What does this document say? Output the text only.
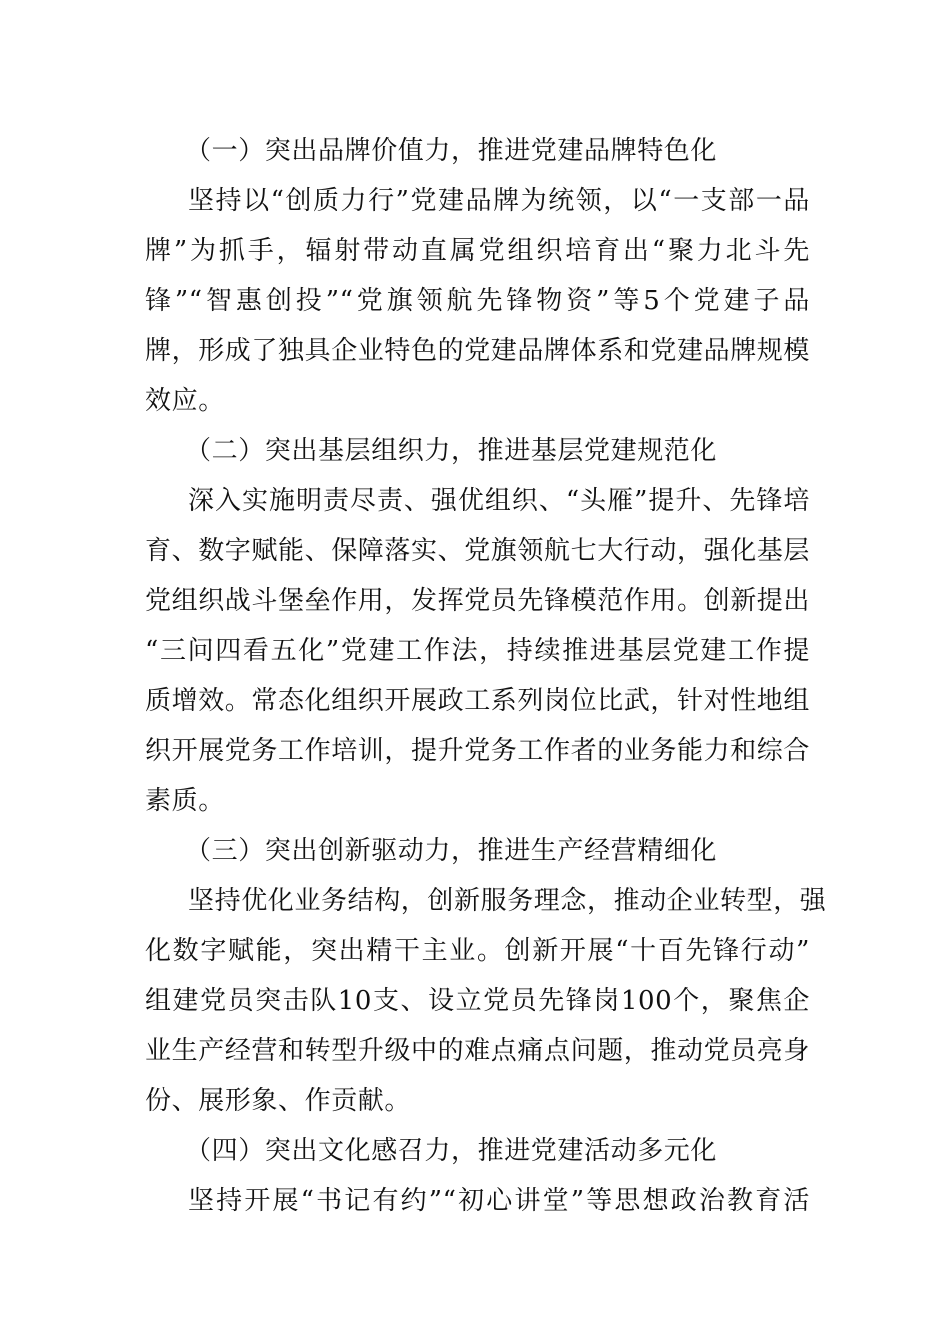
（一）突出品牌价值力，推进党建品牌特色化
坚持以“创质力行”党建品牌为统领，以“一支部一品
牌”为抓手，辐射带动直属党组织培育出“聚力北斗先
锋”“智惠创投”“党旗领航先锋物资”等5个党建子品
牌，形成了独具企业特色的党建品牌体系和党建品牌规模
效应。
（二）突出基层组织力，推进基层党建规范化
深入实施明责尽责、强优组织、“头雁”提升、先锋培
育、数字赋能、保障落实、党旗领航七大行动，强化基层
党组织战斗堡垒作用，发挥党员先锋模范作用。创新提出
“三问四看五化”党建工作法，持续推进基层党建工作提
质增效。常态化组织开展政工系列岗位比武，针对性地组
织开展党务工作培训，提升党务工作者的业务能力和综合
素质。
（三）突出创新驱动力，推进生产经营精细化
坚持优化业务结构，创新服务理念，推动企业转型，强
化数字赋能，突出精干主业。创新开展“十百先锋行动”
组建党员突击队10支、设立党员先锋岗100个，聚焦企
业生产经营和转型升级中的难点痛点问题，推动党员亮身
份、展形象、作贡献。
（四）突出文化感召力，推进党建活动多元化
坚持开展“书记有约”“初心讲堂”等思想政治教育活
